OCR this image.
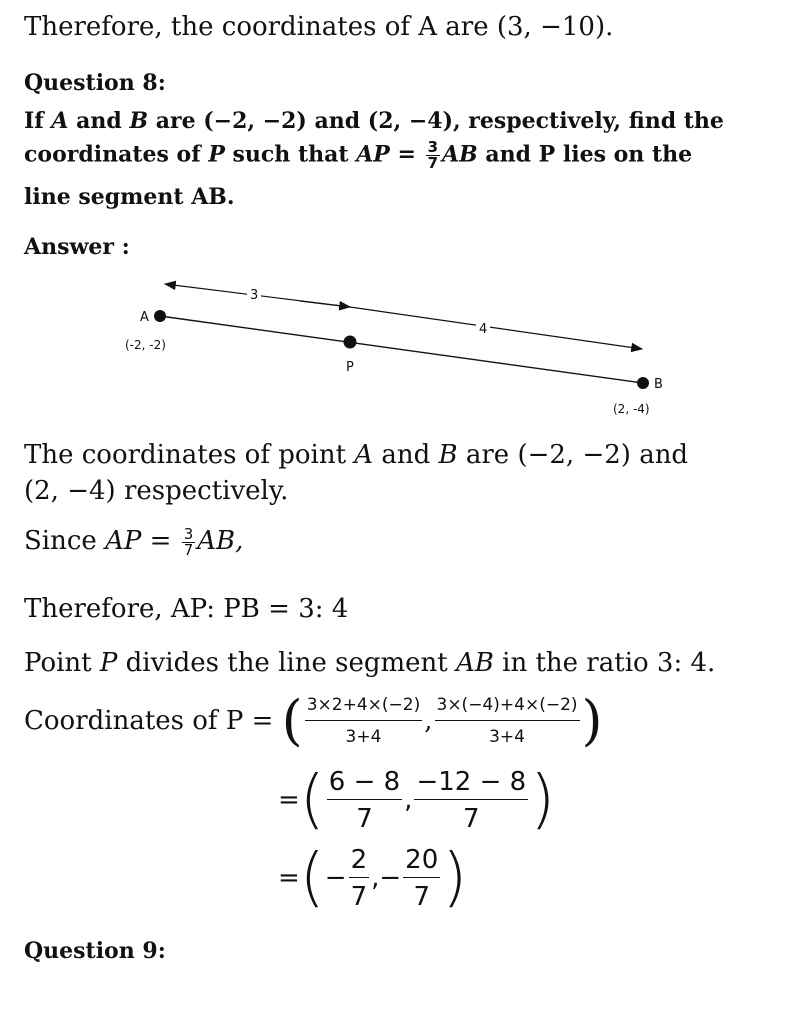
Therefore, the coordinates of A are (3, −10).
Question 8:
If A and B are (−2, −2) and (2, −4), respectively, find the
coordinates of P such that AP = $\frac{3}{7}$ AB and P lies on the
line segment AB.
Answer :
3
4
A
(-2, -2)
P
B
(2, -4)
The coordinates of point A and B are (−2, −2) and
(2, −4) respectively.
Since AP = $\frac{3}{7}$ AB,
Therefore, AP: PB = 3: 4
Point P divides the line segment AB in the ratio 3: 4.
Coordinates of P = ( $\frac{3\times 2+4\times(-2)}{3+4}$ , $\frac{3\times(-4)+4\times(-2)}{3+4}$ )
=( $\frac{6 - 8}{7}$ , $\frac{-12 - 8}{7}$ )
=(− $\frac{2}{7}$ ,− $\frac{20}{7}$ )
Question 9:
